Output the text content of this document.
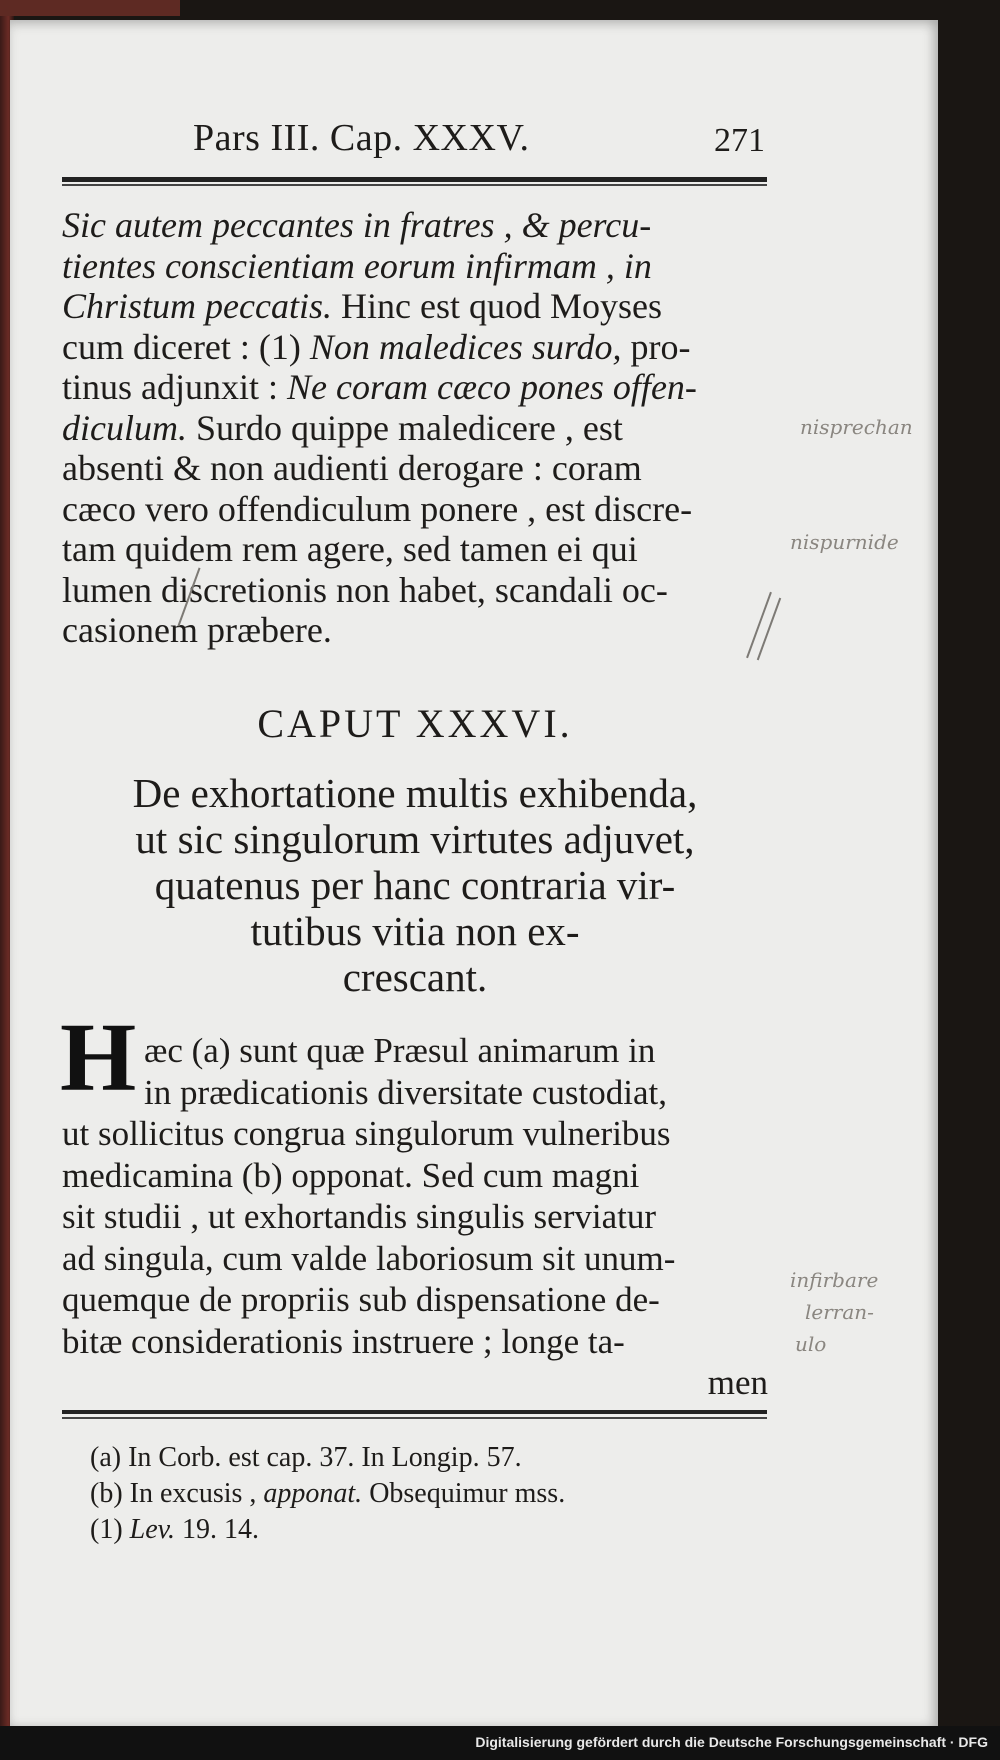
Pars III. Cap. XXXV.	271
Sic autem peccantes in fratres , & percu-
tientes conscientiam eorum infirmam , in
Christum peccatis. Hinc est quod Moyses
cum diceret : (1) Non maledices surdo, pro-
tinus adjunxit : Ne coram cæco pones offen-
diculum. Surdo quippe maledicere , est
absenti & non audienti derogare : coram
cæco vero offendiculum ponere , est discre-
tam quidem rem agere, sed tamen ei qui
lumen discretionis non habet, scandali oc-
casionem præbere.
CAPUT XXXVI.
De exhortatione multis exhibenda,
ut sic singulorum virtutes adjuvet,
quatenus per hanc contraria vir-
tutibus vitia non ex-
crescant.
H æc (a) sunt quæ Præsul animarum in
in prædicationis diversitate custodiat,
ut sollicitus congrua singulorum vulneribus
medicamina (b) opponat. Sed cum magni
sit studii , ut exhortandis singulis serviatur
ad singula, cum valde laboriosum sit unum-
quemque de propriis sub dispensatione de-
bitæ considerationis instruere ; longe ta-
men
(a) In Corb. est cap. 37. In Longip. 57.
(b) In excusis , apponat. Obsequimur mss.
(1) Lev. 19. 14.
nisprechan
nispurnide
infirbare
lerran-
ulo
Digitalisierung gefördert durch die Deutsche Forschungsgemeinschaft · DFG
